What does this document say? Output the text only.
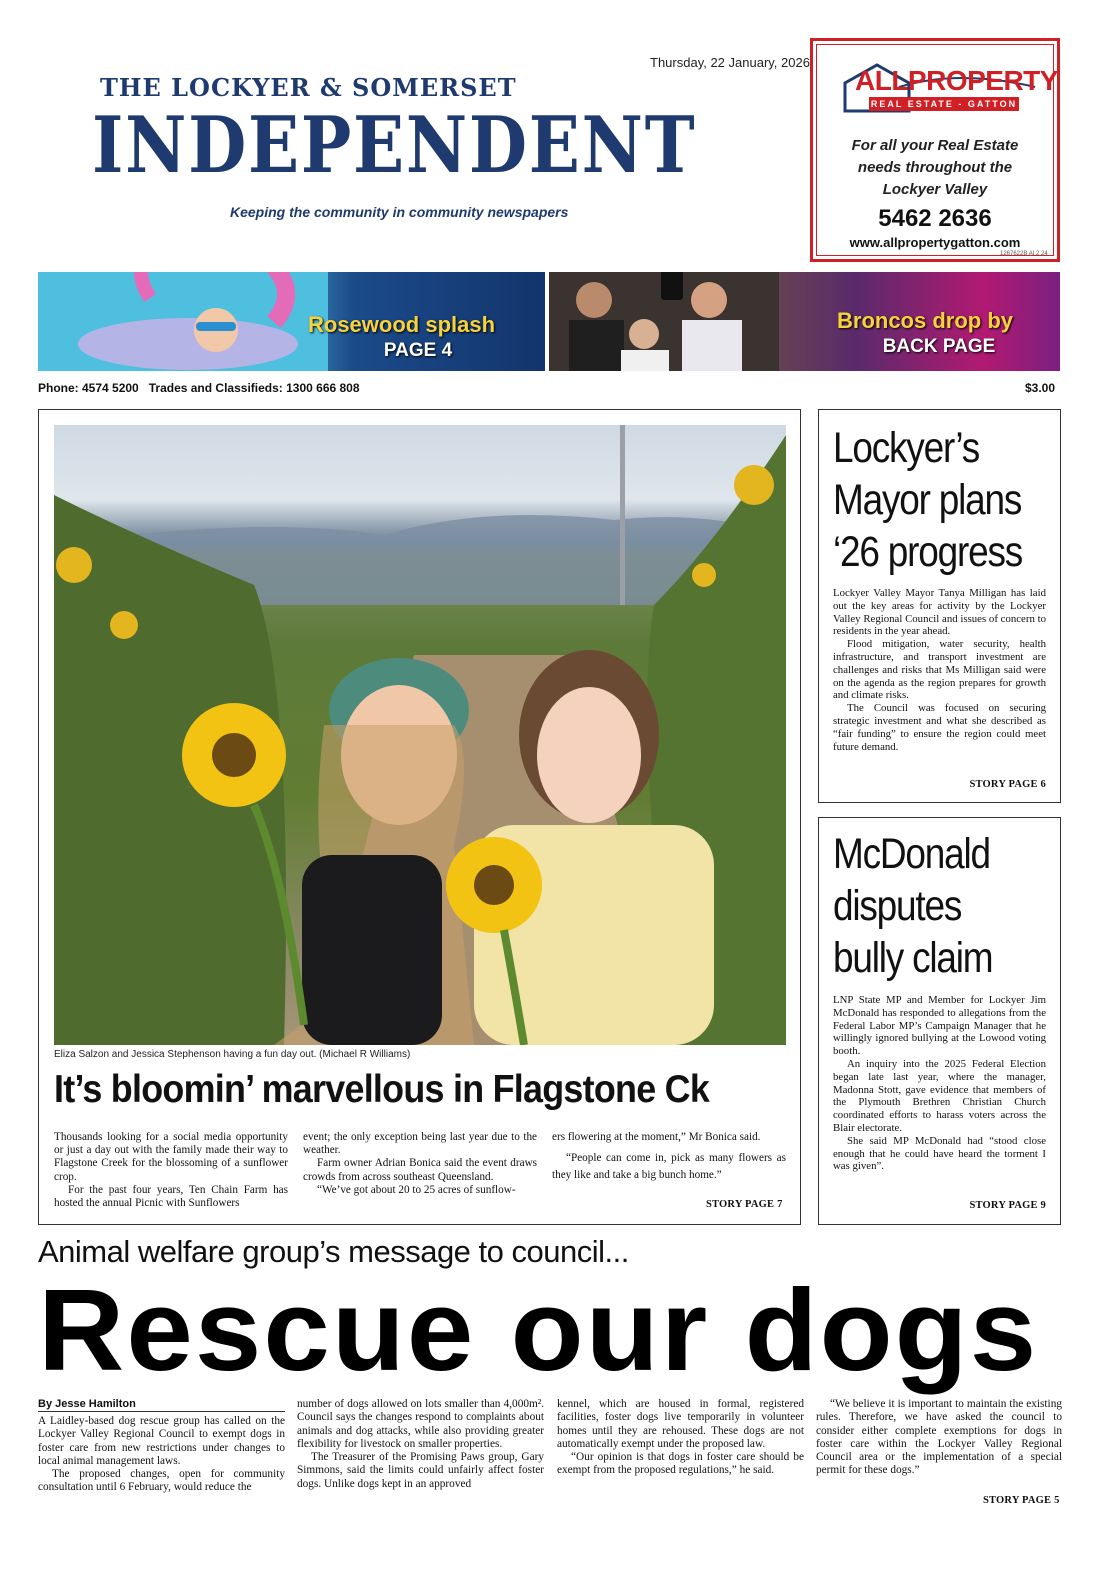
Thursday, 22 January, 2026
THE LOCKYER & SOMERSET
INDEPENDENT
Keeping the community in community newspapers
ALLPROPERTY
REAL ESTATE - GATTON
For all your Real Estate
needs throughout the
Lockyer Valley
5462 2636
www.allpropertygatton.com
1267622B AI 2 24
Rosewood splash
PAGE 4
Broncos drop by
BACK PAGE
Phone: 4574 5200   Trades and Classifieds: 1300 666 808	$3.00
Eliza Salzon and Jessica Stephenson having a fun day out. (Michael R Williams)
It’s bloomin’ marvellous in Flagstone Ck

Thousands looking for a social media opportunity or just a day out with the family made their way to Flagstone Creek for the blossoming of a sunflower crop.

For the past four years, Ten Chain Farm has hosted the annual Picnic with Sunflowers

event; the only exception being last year due to the weather.

Farm owner Adrian Bonica said the event draws crowds from across southeast Queensland.

“We’ve got about 20 to 25 acres of sunflow-

ers flowering at the moment,” Mr Bonica said.

“People can come in, pick as many flowers as they like and take a big bunch home.”

STORY PAGE 7
Lockyer’s
Mayor plans
‘26 progress

Lockyer Valley Mayor Tanya Milligan has laid out the key areas for activity by the Lockyer Valley Regional Council and issues of concern to residents in the year ahead.

Flood mitigation, water security, health infrastructure, and transport investment are challenges and risks that Ms Milligan said were on the agenda as the region prepares for growth and climate risks.

The Council was focused on securing strategic investment and what she described as “fair funding” to ensure the region could meet future demand.

STORY PAGE 6
McDonald
disputes
bully claim

LNP State MP and Member for Lockyer Jim McDonald has responded to allegations from the Federal Labor MP’s Campaign Manager that he willingly ignored bullying at the Lowood voting booth.

An inquiry into the 2025 Federal Election began late last year, where the manager, Madonna Stott, gave evidence that members of the Plymouth Brethren Christian Church coordinated efforts to harass voters across the Blair electorate.

She said MP McDonald had “stood close enough that he could have heard the torment I was given”.

STORY PAGE 9
Animal welfare group’s message to council...
Rescue our dogs
By Jesse Hamilton

A Laidley-based dog rescue group has called on the Lockyer Valley Regional Council to exempt dogs in foster care from new restrictions under changes to local animal management laws.

The proposed changes, open for community consultation until 6 February, would reduce the

number of dogs allowed on lots smaller than 4,000m². Council says the changes respond to complaints about animals and dog attacks, while also providing greater flexibility for livestock on smaller properties.

The Treasurer of the Promising Paws group, Gary Simmons, said the limits could unfairly affect foster dogs. Unlike dogs kept in an approved

kennel, which are housed in formal, registered facilities, foster dogs live temporarily in volunteer homes until they are rehoused. These dogs are not automatically exempt under the proposed law.

“Our opinion is that dogs in foster care should be exempt from the proposed regulations,” he said.

“We believe it is important to maintain the existing rules. Therefore, we have asked the council to consider either complete exemptions for dogs in foster care within the Lockyer Valley Regional Council area or the implementation of a special permit for these dogs.”

STORY PAGE 5
